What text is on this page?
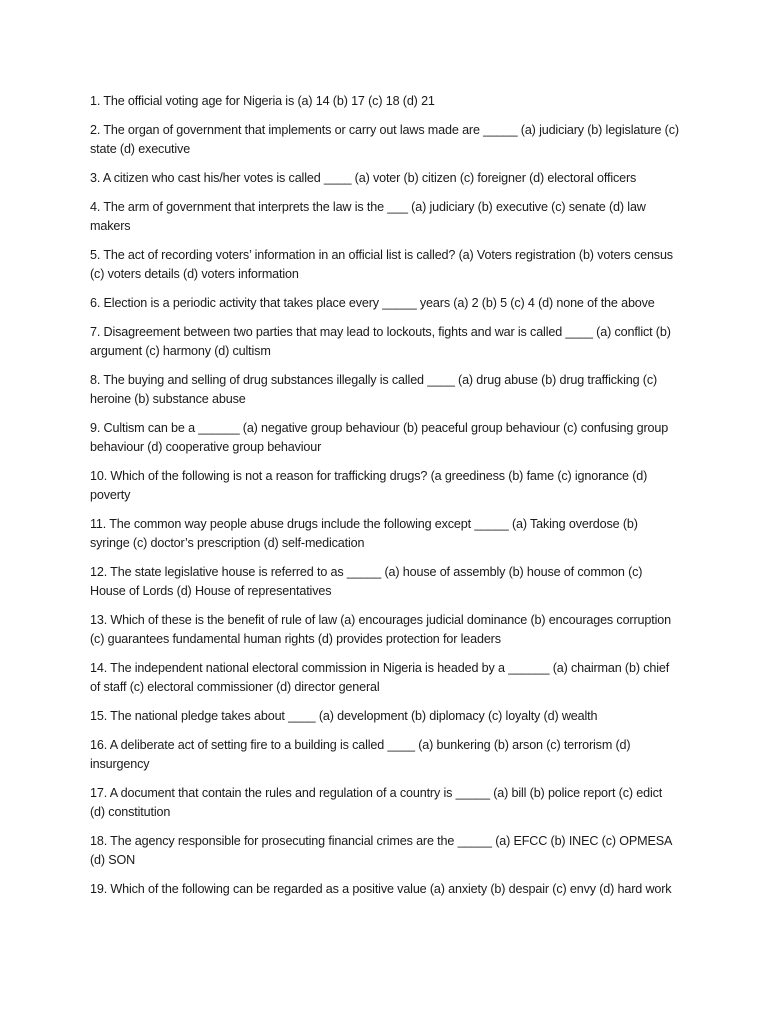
1. The official voting age for Nigeria is (a) 14 (b) 17 (c) 18 (d) 21
2. The organ of government that implements or carry out laws made are _____ (a) judiciary (b) legislature (c) state (d) executive
3. A citizen who cast his/her votes is called ____ (a) voter (b) citizen (c) foreigner (d) electoral officers
4. The arm of government that interprets the law is the ___ (a) judiciary (b) executive (c) senate (d) law makers
5. The act of recording voters’ information in an official list is called? (a) Voters registration (b) voters census (c) voters details (d) voters information
6. Election is a periodic activity that takes place every _____ years (a) 2 (b) 5 (c) 4 (d) none of the above
7. Disagreement between two parties that may lead to lockouts, fights and war is called ____ (a) conflict (b) argument (c) harmony (d) cultism
8. The buying and selling of drug substances illegally is called ____ (a) drug abuse (b) drug trafficking (c) heroine (b) substance abuse
9. Cultism can be a ______ (a) negative group behaviour (b) peaceful group behaviour (c) confusing group behaviour (d) cooperative group behaviour
10. Which of the following is not a reason for trafficking drugs? (a greediness (b) fame (c) ignorance (d) poverty
11. The common way people abuse drugs include the following except _____ (a) Taking overdose (b) syringe (c) doctor’s prescription (d) self-medication
12. The state legislative house is referred to as _____ (a) house of assembly (b) house of common (c) House of Lords (d) House of representatives
13. Which of these is the benefit of rule of law (a) encourages judicial dominance (b) encourages corruption (c) guarantees fundamental human rights (d) provides protection for leaders
14. The independent national electoral commission in Nigeria is headed by a ______ (a) chairman (b) chief of staff (c) electoral commissioner (d) director general
15. The national pledge takes about ____ (a) development (b) diplomacy (c) loyalty (d) wealth
16. A deliberate act of setting fire to a building is called ____ (a) bunkering (b) arson (c) terrorism (d) insurgency
17. A document that contain the rules and regulation of a country is _____ (a) bill (b) police report (c) edict (d) constitution
18. The agency responsible for prosecuting financial crimes are the _____ (a) EFCC (b) INEC (c) OPMESA (d) SON
19. Which of the following can be regarded as a positive value (a) anxiety (b) despair (c) envy (d) hard work
